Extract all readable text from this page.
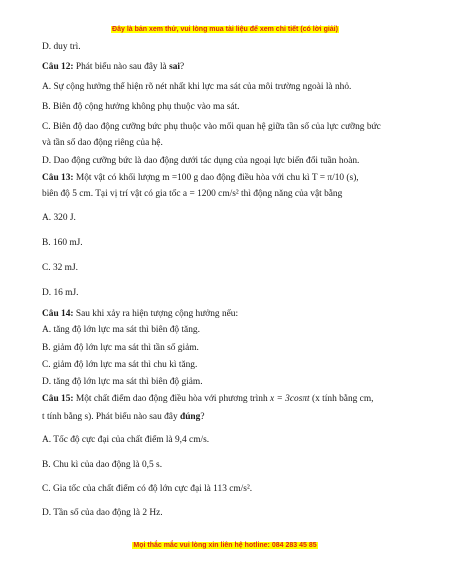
Đây là bản xem thử, vui lòng mua tài liệu để xem chi tiết (có lời giải)
D. duy trì.
Câu 12: Phát biểu nào sau đây là sai?
A. Sự cộng hưởng thể hiện rõ nét nhất khi lực ma sát của môi trường ngoài là nhỏ.
B. Biên độ cộng hưởng không phụ thuộc vào ma sát.
C. Biên độ dao động cưỡng bức phụ thuộc vào mối quan hệ giữa tần số của lực cưỡng bức
và tần số dao động riêng của hệ.
D. Dao động cưỡng bức là dao động dưới tác dụng của ngoại lực biến đổi tuần hoàn.
Câu 13: Một vật có khối lượng m =100 g dao động điều hòa với chu kì T = π/10 (s),
biên độ 5 cm. Tại vị trí vật có gia tốc a = 1200 cm/s² thì động năng của vật bằng
A. 320 J.
B. 160 mJ.
C. 32 mJ.
D. 16 mJ.
Câu 14: Sau khi xảy ra hiện tượng cộng hưởng nếu:
A. tăng độ lớn lực ma sát thì biên độ tăng.
B. giảm độ lớn lực ma sát thì tần số giảm.
C. giảm độ lớn lực ma sát thì chu kì tăng.
D. tăng độ lớn lực ma sát thì biên độ giảm.
Câu 15: Một chất điểm dao động điều hòa với phương trình x = 3cosπt (x tính bằng cm,
t tính bằng s). Phát biểu nào sau đây đúng?
A. Tốc độ cực đại của chất điểm là 9,4 cm/s.
B. Chu kì của dao động là 0,5 s.
C. Gia tốc của chất điểm có độ lớn cực đại là 113 cm/s².
D. Tần số của dao động là 2 Hz.
Mọi thắc mắc vui lòng xin liên hệ hotline: 084 283 45 85
